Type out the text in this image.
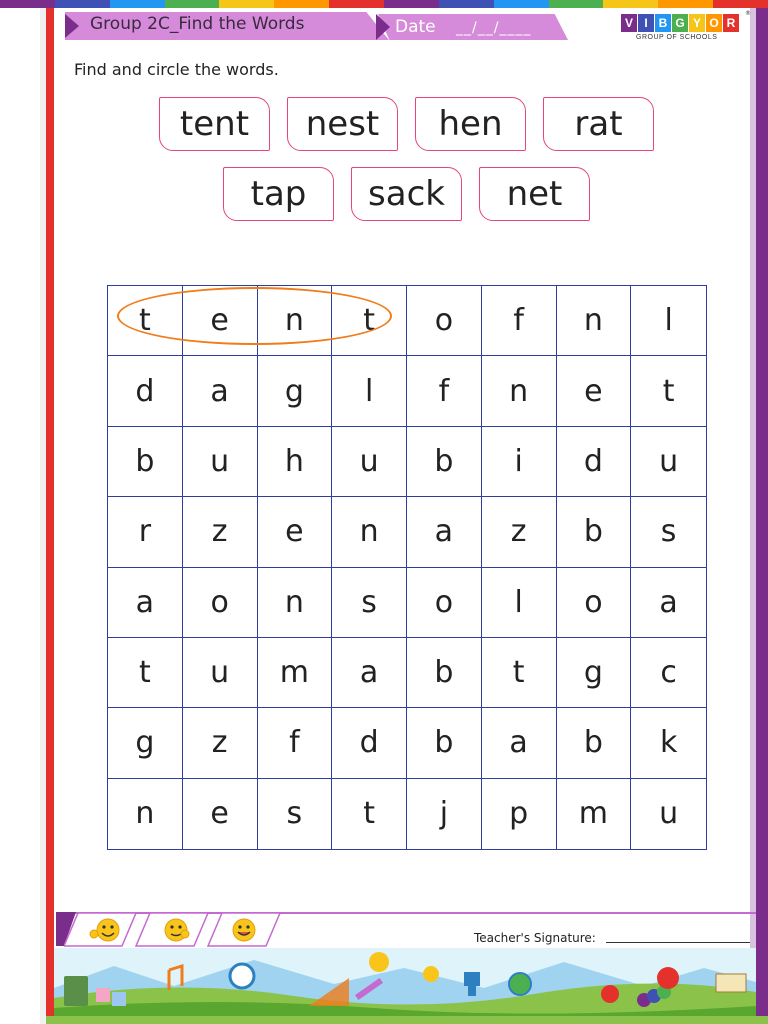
Group 2C_Find the Words	Date __/__/____	V I B G Y O R
GROUP OF SCHOOLS
®
Find and circle the words.
tent	nest	hen	rat
tap	sack	net
t	e	n	t	o	f	n	l
d	a	g	l	f	n	e	t
b	u	h	u	b	i	d	u
r	z	e	n	a	z	b	s
a	o	n	s	o	l	o	a
t	u	m	a	b	t	g	c
g	z	f	d	b	a	b	k
n	e	s	t	j	p	m	u
Teacher's Signature:
